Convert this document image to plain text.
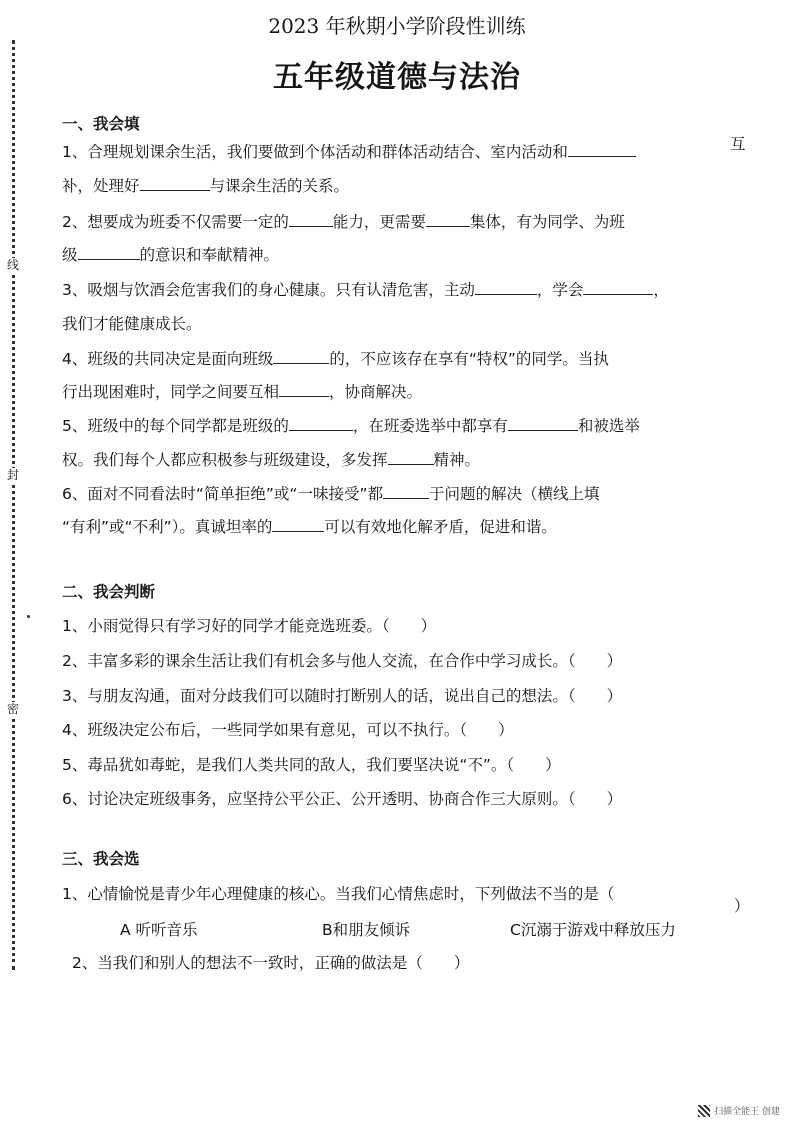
线
封
密
2023 年秋期小学阶段性训练
五年级道德与法治
一、我会填
1、合理规划课余生活，我们要做到个体活动和群体活动结合、室内活动和	互
补，处理好	与课余生活的关系。
2、想要成为班委不仅需要一定的	能力，更需要	集体，有为同学、为班
级	的意识和奉献精神。
3、吸烟与饮酒会危害我们的身心健康。只有认清危害，主动	，学会	，
我们才能健康成长。
4、班级的共同决定是面向班级	的，不应该存在享有“特权”的同学。当执
行出现困难时，同学之间要互相	，协商解决。
5、班级中的每个同学都是班级的	，在班委选举中都享有	和被选举
权。我们每个人都应积极参与班级建设，多发挥	精神。
6、面对不同看法时“简单拒绝”或“一味接受”都	于问题的解决（横线上填
“有利”或“不利”）。真诚坦率的	可以有效地化解矛盾，促进和谐。
二、我会判断
1、小雨觉得只有学习好的同学才能竞选班委。（　　）
2、丰富多彩的课余生活让我们有机会多与他人交流，在合作中学习成长。（　　）
3、与朋友沟通，面对分歧我们可以随时打断别人的话，说出自己的想法。（　　）
4、班级决定公布后，一些同学如果有意见，可以不执行。（　　）
5、毒品犹如毒蛇，是我们人类共同的敌人，我们要坚决说“不”。（　　）
6、讨论决定班级事务，应坚持公平公正、公开透明、协商合作三大原则。（　　）
三、我会选
1、心情愉悦是青少年心理健康的核心。当我们心情焦虑时，下列做法不当的是（
）
A 听听音乐	B和朋友倾诉	C沉溺于游戏中释放压力
2、当我们和别人的想法不一致时，正确的做法是（　　）
扫描全能王 创建
